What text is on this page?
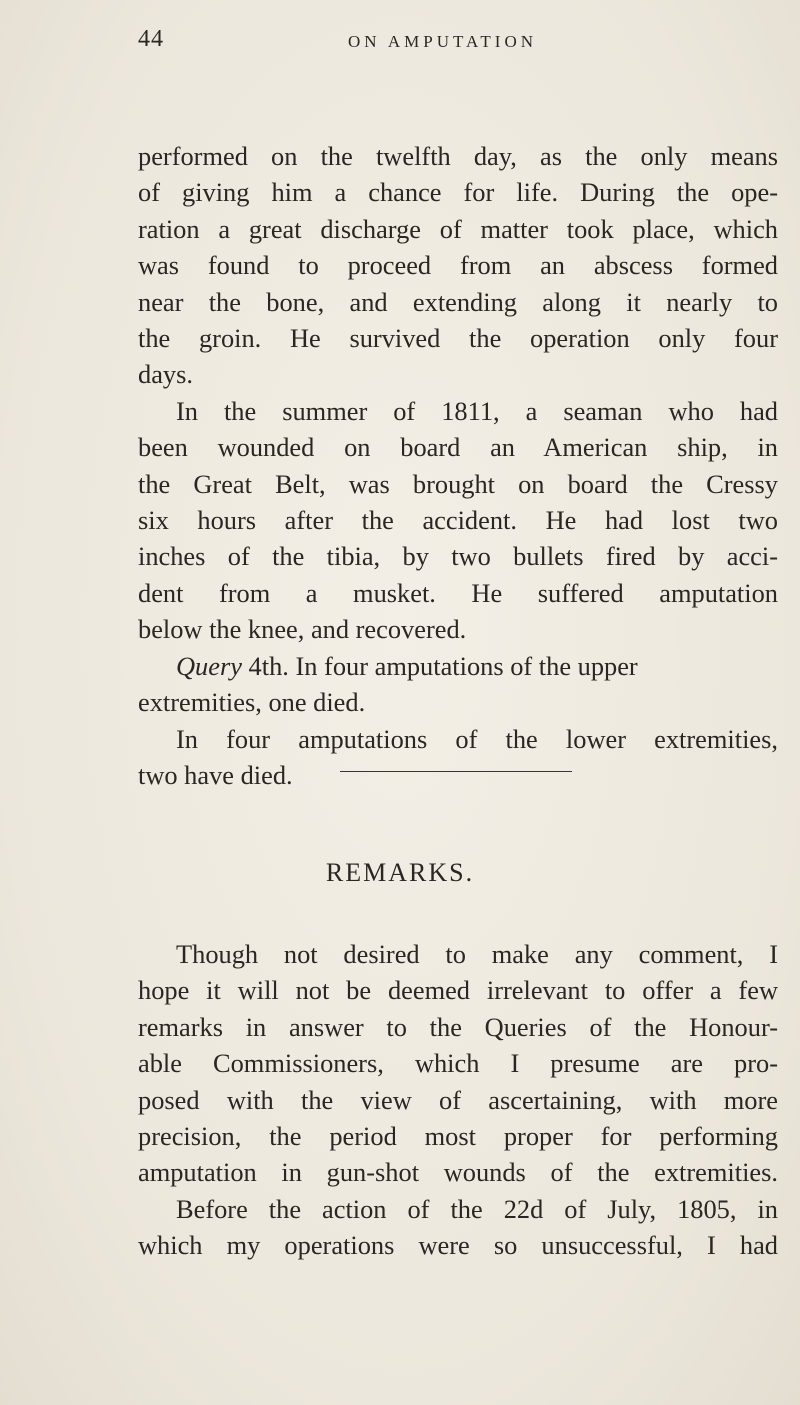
44	ON AMPUTATION
performed on the twelfth day, as the only means
of giving him a chance for life. During the ope-
ration a great discharge of matter took place, which
was found to proceed from an abscess formed
near the bone, and extending along it nearly to
the groin. He survived the operation only four
days.
In the summer of 1811, a seaman who had
been wounded on board an American ship, in
the Great Belt, was brought on board the Cressy
six hours after the accident. He had lost two
inches of the tibia, by two bullets fired by acci-
dent from a musket. He suffered amputation
below the knee, and recovered.
Query 4th. In four amputations of the upper
extremities, one died.
In four amputations of the lower extremities,
two have died.
REMARKS.
Though not desired to make any comment, I
hope it will not be deemed irrelevant to offer a few
remarks in answer to the Queries of the Honour-
able Commissioners, which I presume are pro-
posed with the view of ascertaining, with more
precision, the period most proper for performing
amputation in gun-shot wounds of the extremities.
Before the action of the 22d of July, 1805, in
which my operations were so unsuccessful, I had
